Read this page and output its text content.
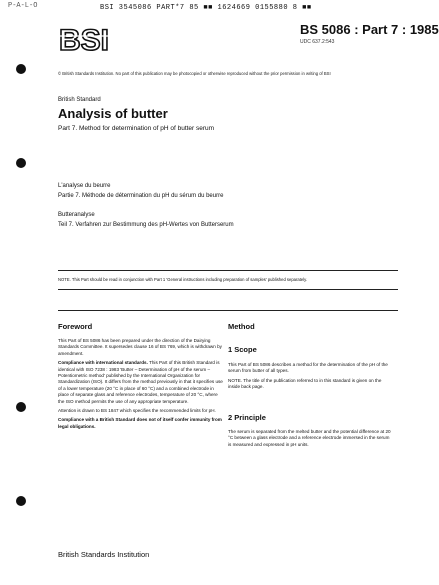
P-A-L-O	BSI 3545086 PART*7 85 ■■ 1624669 0155880 8 ■■
BSI	BS 5086 : Part 7 : 1985
UDC 637.2:543
© British Standards Institution. No part of this publication may be photocopied or otherwise reproduced without the prior permission in writing of BSI
British Standard
Analysis of butter
Part 7. Method for determination of pH of butter serum
L'analyse du beurre
Partie 7. Méthode de détermination du pH du sérum du beurre
Butteranalyse
Teil 7. Verfahren zur Bestimmung des pH-Wertes von Butterserum
NOTE. This Part should be read in conjunction with Part 1 'General instructions including preparation of samples' published separately.
Foreword

This Part of BS 5086 has been prepared under the direction of the Dairying Standards Committee. It supersedes clause 16 of BS 769, which is withdrawn by amendment.

Compliance with international standards. This Part of this British Standard is identical with ISO 7238 : 1983 'Butter – Determination of pH of the serum – Potentiometric method' published by the International Organization for Standardization (ISO). It differs from the method previously in that it specifies use of a lower temperature (20 °C in place of 60 °C) and a combined electrode in place of separate glass and reference electrodes, temperature of 20 °C, where the ISO method permits the use of any appropriate temperature.

Attention is drawn to BS 1847 which specifies the recommended limits for pH.

Compliance with a British Standard does not of itself confer immunity from legal obligations.

Method
1 Scope

This Part of BS 5086 describes a method for the determination of the pH of the serum from butter of all types.

NOTE. The title of the publication referred to in this standard is given on the inside back page.

2 Principle

The serum is separated from the melted butter and the potential difference at 20 °C between a glass electrode and a reference electrode immersed in the serum is measured and expressed in pH units.

British Standards Institution
